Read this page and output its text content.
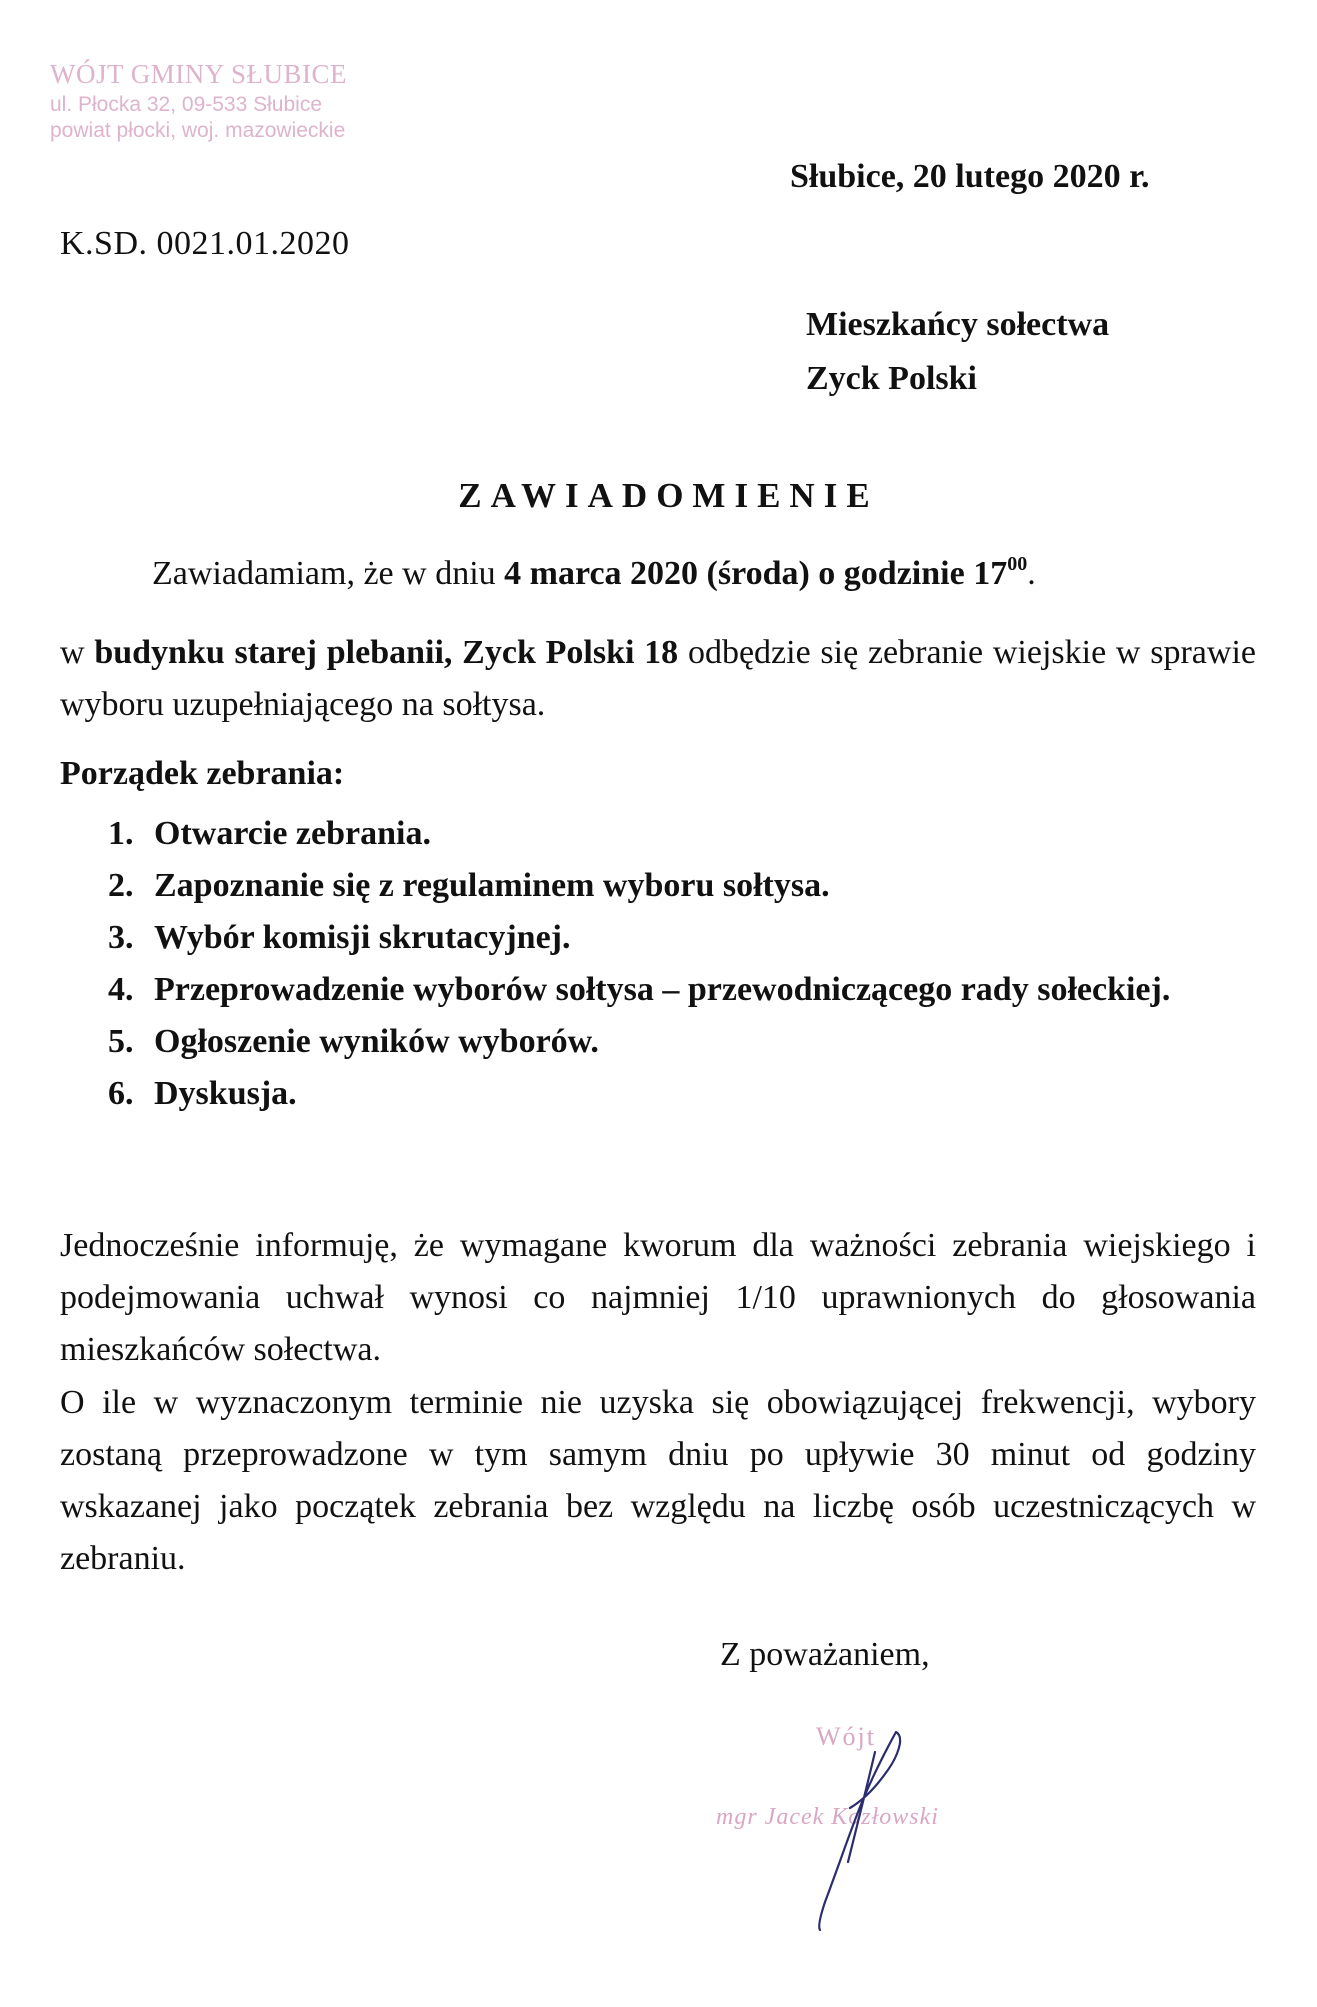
WÓJT GMINY SŁUBICE
ul. Płocka 32, 09-533 Słubice
powiat płocki, woj. mazowieckie
Słubice, 20 lutego 2020 r.
K.SD. 0021.01.2020
Mieszkańcy sołectwa
Zyck Polski
ZAWIADOMIENIE
Zawiadamiam, że w dniu 4 marca 2020 (środa) o godzinie $17^{00}$.
w budynku starej plebanii, Zyck Polski 18 odbędzie się zebranie wiejskie w sprawie wyboru uzupełniającego na sołtysa.
Porządek zebrania:
1. Otwarcie zebrania.
2. Zapoznanie się z regulaminem wyboru sołtysa.
3. Wybór komisji skrutacyjnej.
4. Przeprowadzenie wyborów sołtysa – przewodniczącego rady sołeckiej.
5. Ogłoszenie wyników wyborów.
6. Dyskusja.
Jednocześnie informuję, że wymagane kworum dla ważności zebrania wiejskiego i podejmowania uchwał wynosi co najmniej 1/10 uprawnionych do głosowania mieszkańców sołectwa.
O ile w wyznaczonym terminie nie uzyska się obowiązującej frekwencji, wybory zostaną przeprowadzone w tym samym dniu po upływie 30 minut od godziny wskazanej jako początek zebrania bez względu na liczbę osób uczestniczących w zebraniu.
Z poważaniem,
Wójt
mgr Jacek Kozłowski
